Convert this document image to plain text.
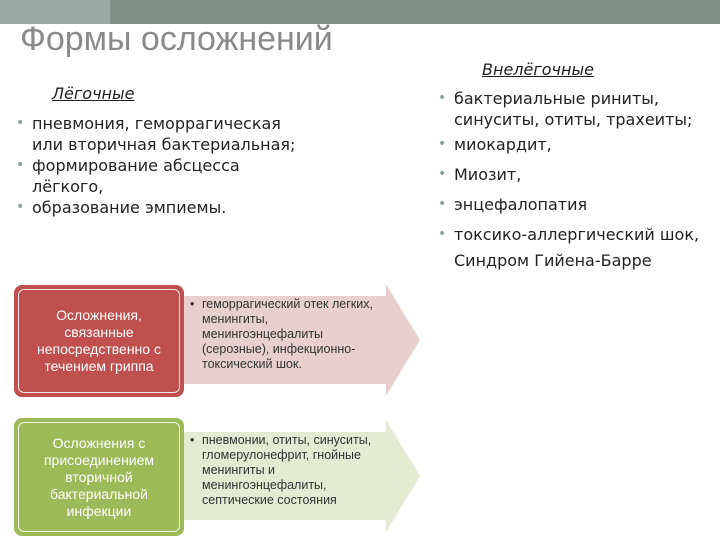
Формы осложнений
Лёгочные
• пневмония, геморрагическая или вторичная бактериальная;
• формирование абсцесса лёгкого,
• образование эмпиемы.
Внелёгочные
• бактериальные риниты, синуситы, отиты, трахеиты;
• миокардит,
• Миозит,
• энцефалопатия
• токсико-аллергический шок,
Синдром Гийена-Барре
Осложнения, связанные непосредственно с течением гриппа
Осложнения с присоединением вторичной бактериальной инфекции
• геморрагический отек легких, менингиты, менингоэнцефалиты (серозные), инфекционно-токсический шок.
• пневмонии, отиты, синуситы, гломерулонефрит, гнойные менингиты и менингоэнцефалиты, септические состояния
